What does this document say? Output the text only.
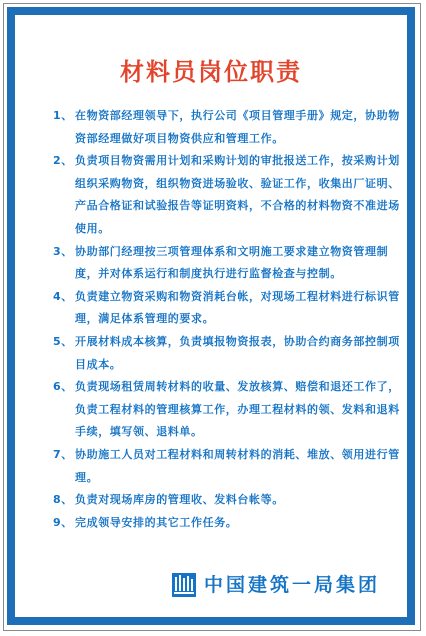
材料员岗位职责
1、 在物资部经理领导下，执行公司《项目管理手册》规定，协助物资部经理做好项目物资供应和管理工作。
2、 负责项目物资需用计划和采购计划的审批报送工作，按采购计划组织采购物资，组织物资进场验收、验证工作，收集出厂证明、产品合格证和试验报告等证明资料，不合格的材料物资不准进场使用。
3、 协助部门经理按三项管理体系和文明施工要求建立物资管理制度，并对体系运行和制度执行进行监督检查与控制。
4、 负责建立物资采购和物资消耗台帐，对现场工程材料进行标识管理，满足体系管理的要求。
5、 开展材料成本核算，负责填报物资报表，协助合约商务部控制项目成本。
6、 负责现场租赁周转材料的收量、发放核算、赔偿和退还工作了，负责工程材料的管理核算工作，办理工程材料的领、发料和退料手续，填写领、退料单。
7、 协助施工人员对工程材料和周转材料的消耗、堆放、领用进行管理。
8、 负责对现场库房的管理收、发料台帐等。
9、 完成领导安排的其它工作任务。
中国建筑一局集团
